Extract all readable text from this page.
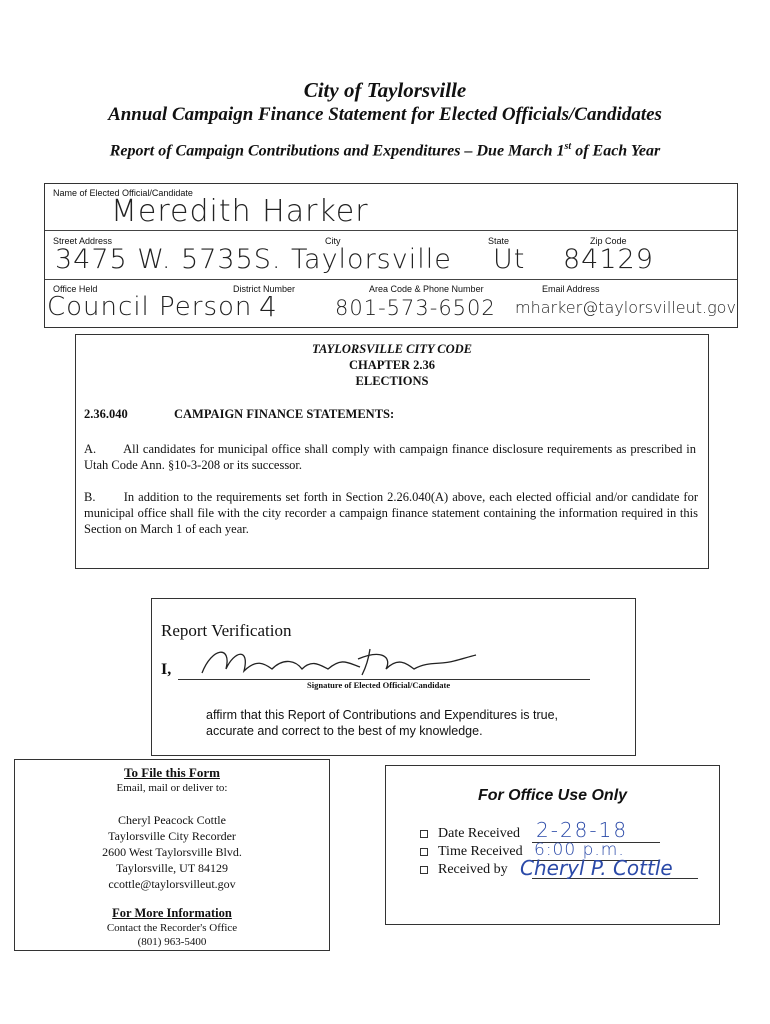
City of Taylorsville
Annual Campaign Finance Statement for Elected Officials/Candidates
Report of Campaign Contributions and Expenditures – Due March 1st of Each Year
Name of Elected Official/Candidate
Meredith Harker
Street Address
3475 W. 5735S.
City
Taylorsville
State
Ut
Zip Code
84129
Office Held
Council Person
District Number
4
Area Code & Phone Number
801-573-6502
Email Address
mharker@taylorsvilleut.gov
TAYLORSVILLE CITY CODE
CHAPTER 2.36
ELECTIONS
2.36.040	CAMPAIGN FINANCE STATEMENTS:

A.       All candidates for municipal office shall comply with campaign finance disclosure requirements as prescribed in Utah Code Ann. §10-3-208 or its successor.

B.       In addition to the requirements set forth in Section 2.26.040(A) above, each elected official and/or candidate for municipal office shall file with the city recorder a campaign finance statement containing the information required in this Section on March 1 of each year.

Report Verification
I,
Signature of Elected Official/Candidate
affirm that this Report of Contributions and Expenditures is true, accurate and correct to the best of my knowledge.
To File this Form
Email, mail or deliver to:
Cheryl Peacock Cottle
Taylorsville City Recorder
2600 West Taylorsville Blvd.
Taylorsville, UT 84129
ccottle@taylorsvilleut.gov
For More Information
Contact the Recorder's Office
(801) 963-5400
For Office Use Only
Date Received
Time Received
Received by
2-28-18
6:00 p.m.
Cheryl P. Cottle
